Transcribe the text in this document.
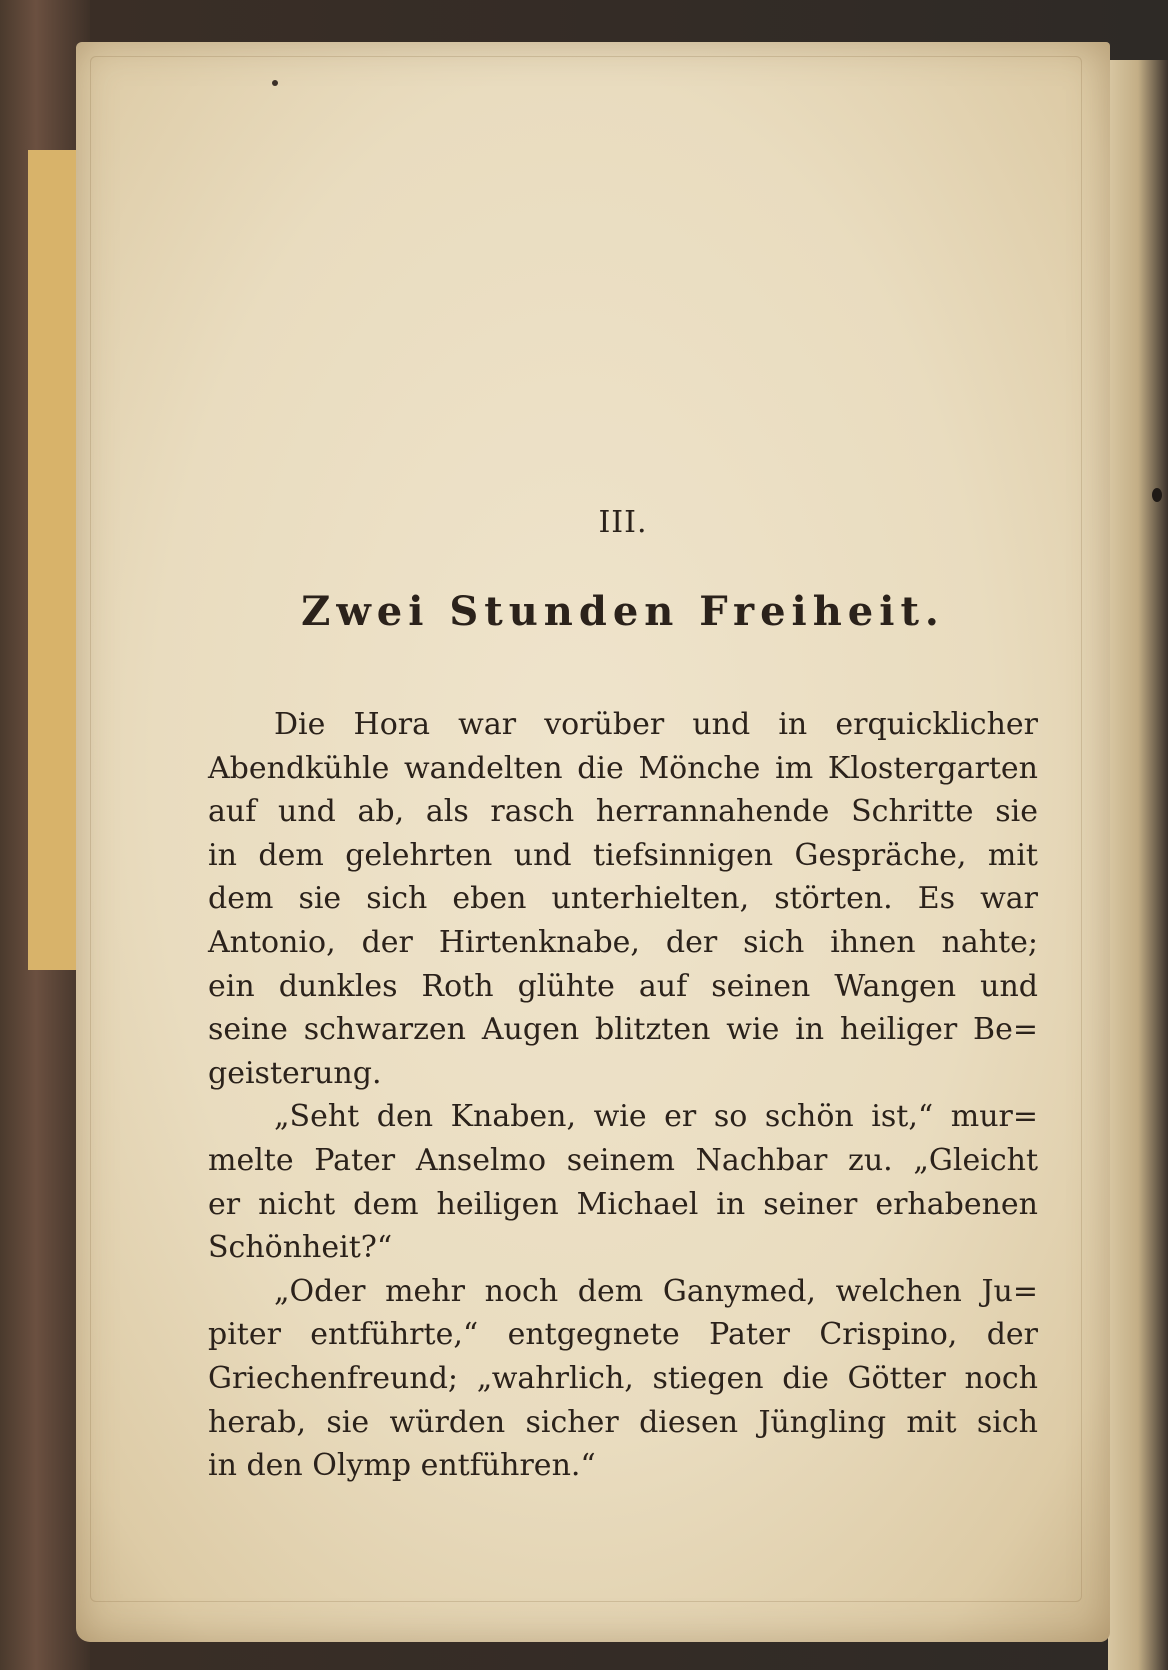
III.
Zwei Stunden Freiheit.
Die Hora war vorüber und in erquicklicher
Abendkühle wandelten die Mönche im Klostergarten
auf und ab, als rasch herrannahende Schritte sie
in dem gelehrten und tiefsinnigen Gespräche, mit
dem sie sich eben unterhielten, störten. Es war
Antonio, der Hirtenknabe, der sich ihnen nahte;
ein dunkles Roth glühte auf seinen Wangen und
seine schwarzen Augen blitzten wie in heiliger Be=
geisterung.
„Seht den Knaben, wie er so schön ist,“ mur=
melte Pater Anselmo seinem Nachbar zu. „Gleicht
er nicht dem heiligen Michael in seiner erhabenen
Schönheit?“
„Oder mehr noch dem Ganymed, welchen Ju=
piter entführte,“ entgegnete Pater Crispino, der
Griechenfreund; „wahrlich, stiegen die Götter noch
herab, sie würden sicher diesen Jüngling mit sich
in den Olymp entführen.“
